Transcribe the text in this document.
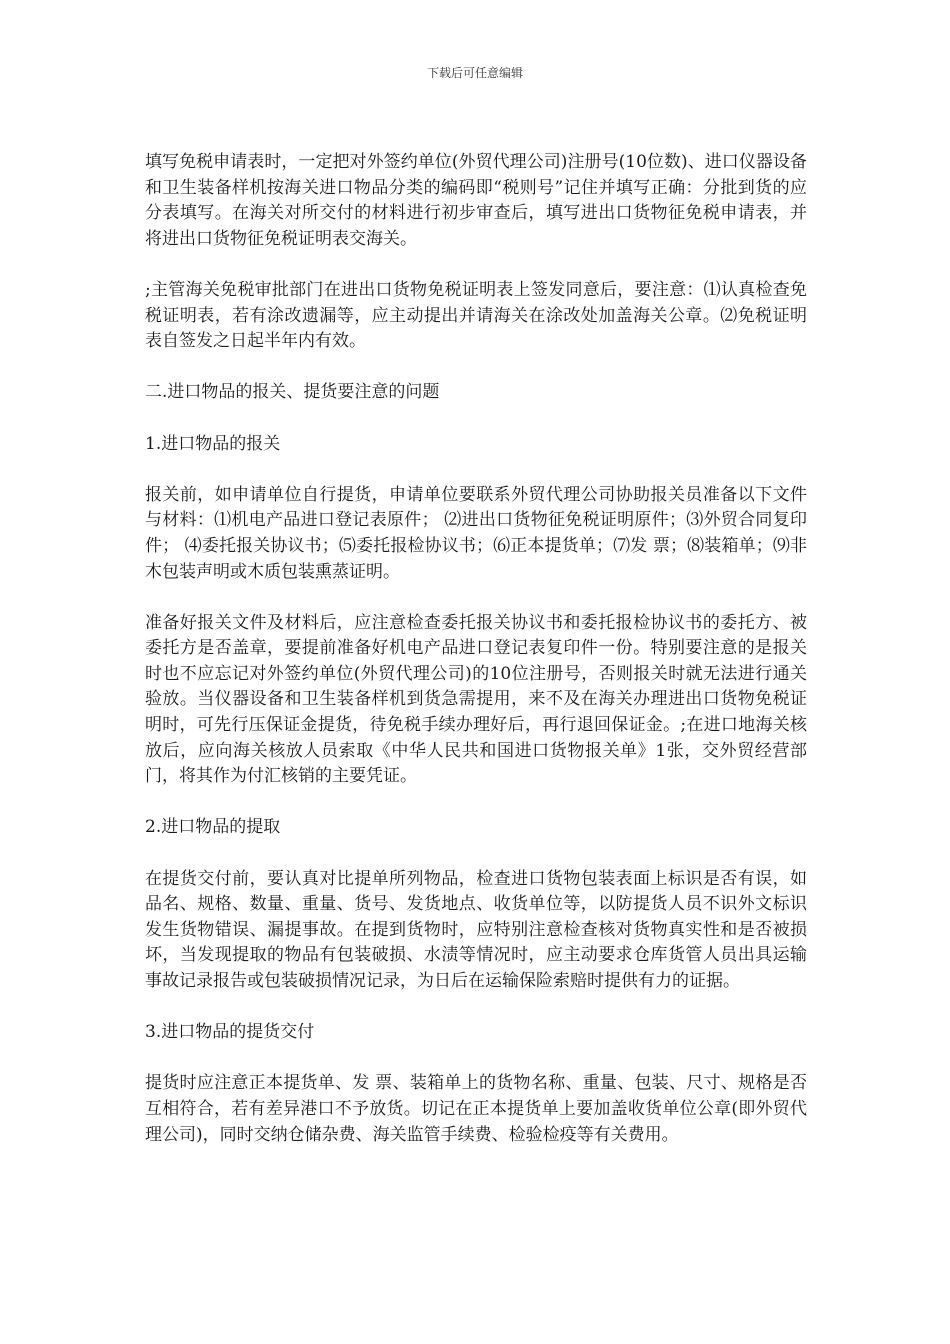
下载后可任意编辑

填写免税申请表时，一定把对外签约单位(外贸代理公司)注册号(10位数)、进口仪器设备和卫生装备样机按海关进口物品分类的编码即“税则号”记住并填写正确：分批到货的应分表填写。在海关对所交付的材料进行初步审查后，填写进出口货物征免税申请表，并将进出口货物征免税证明表交海关。

;主管海关免税审批部门在进出口货物免税证明表上签发同意后，要注意：⑴认真检查免税证明表，若有涂改遗漏等，应主动提出并请海关在涂改处加盖海关公章。⑵免税证明表自签发之日起半年内有效。

二.进口物品的报关、提货要注意的问题

1.进口物品的报关

报关前，如申请单位自行提货，申请单位要联系外贸代理公司协助报关员准备以下文件与材料：⑴机电产品进口登记表原件； ⑵进出口货物征免税证明原件；⑶外贸合同复印件； ⑷委托报关协议书；⑸委托报检协议书；⑹正本提货单；⑺发 票；⑻装箱单；⑼非木包装声明或木质包装熏蒸证明。

准备好报关文件及材料后，应注意检查委托报关协议书和委托报检协议书的委托方、被委托方是否盖章，要提前准备好机电产品进口登记表复印件一份。特别要注意的是报关时也不应忘记对外签约单位(外贸代理公司)的10位注册号，否则报关时就无法进行通关验放。当仪器设备和卫生装备样机到货急需提用，来不及在海关办理进出口货物免税证明时，可先行压保证金提货，待免税手续办理好后，再行退回保证金。;在进口地海关核放后，应向海关核放人员索取《中华人民共和国进口货物报关单》1张，交外贸经营部门，将其作为付汇核销的主要凭证。

2.进口物品的提取

在提货交付前，要认真对比提单所列物品，检查进口货物包装表面上标识是否有误，如品名、规格、数量、重量、货号、发货地点、收货单位等，以防提货人员不识外文标识发生货物错误、漏提事故。在提到货物时，应特别注意检查核对货物真实性和是否被损坏，当发现提取的物品有包装破损、水渍等情况时，应主动要求仓库货管人员出具运输事故记录报告或包装破损情况记录，为日后在运输保险索赔时提供有力的证据。

3.进口物品的提货交付

提货时应注意正本提货单、发 票、装箱单上的货物名称、重量、包装、尺寸、规格是否互相符合，若有差异港口不予放货。切记在正本提货单上要加盖收货单位公章(即外贸代理公司)，同时交纳仓储杂费、海关监管手续费、检验检疫等有关费用。
